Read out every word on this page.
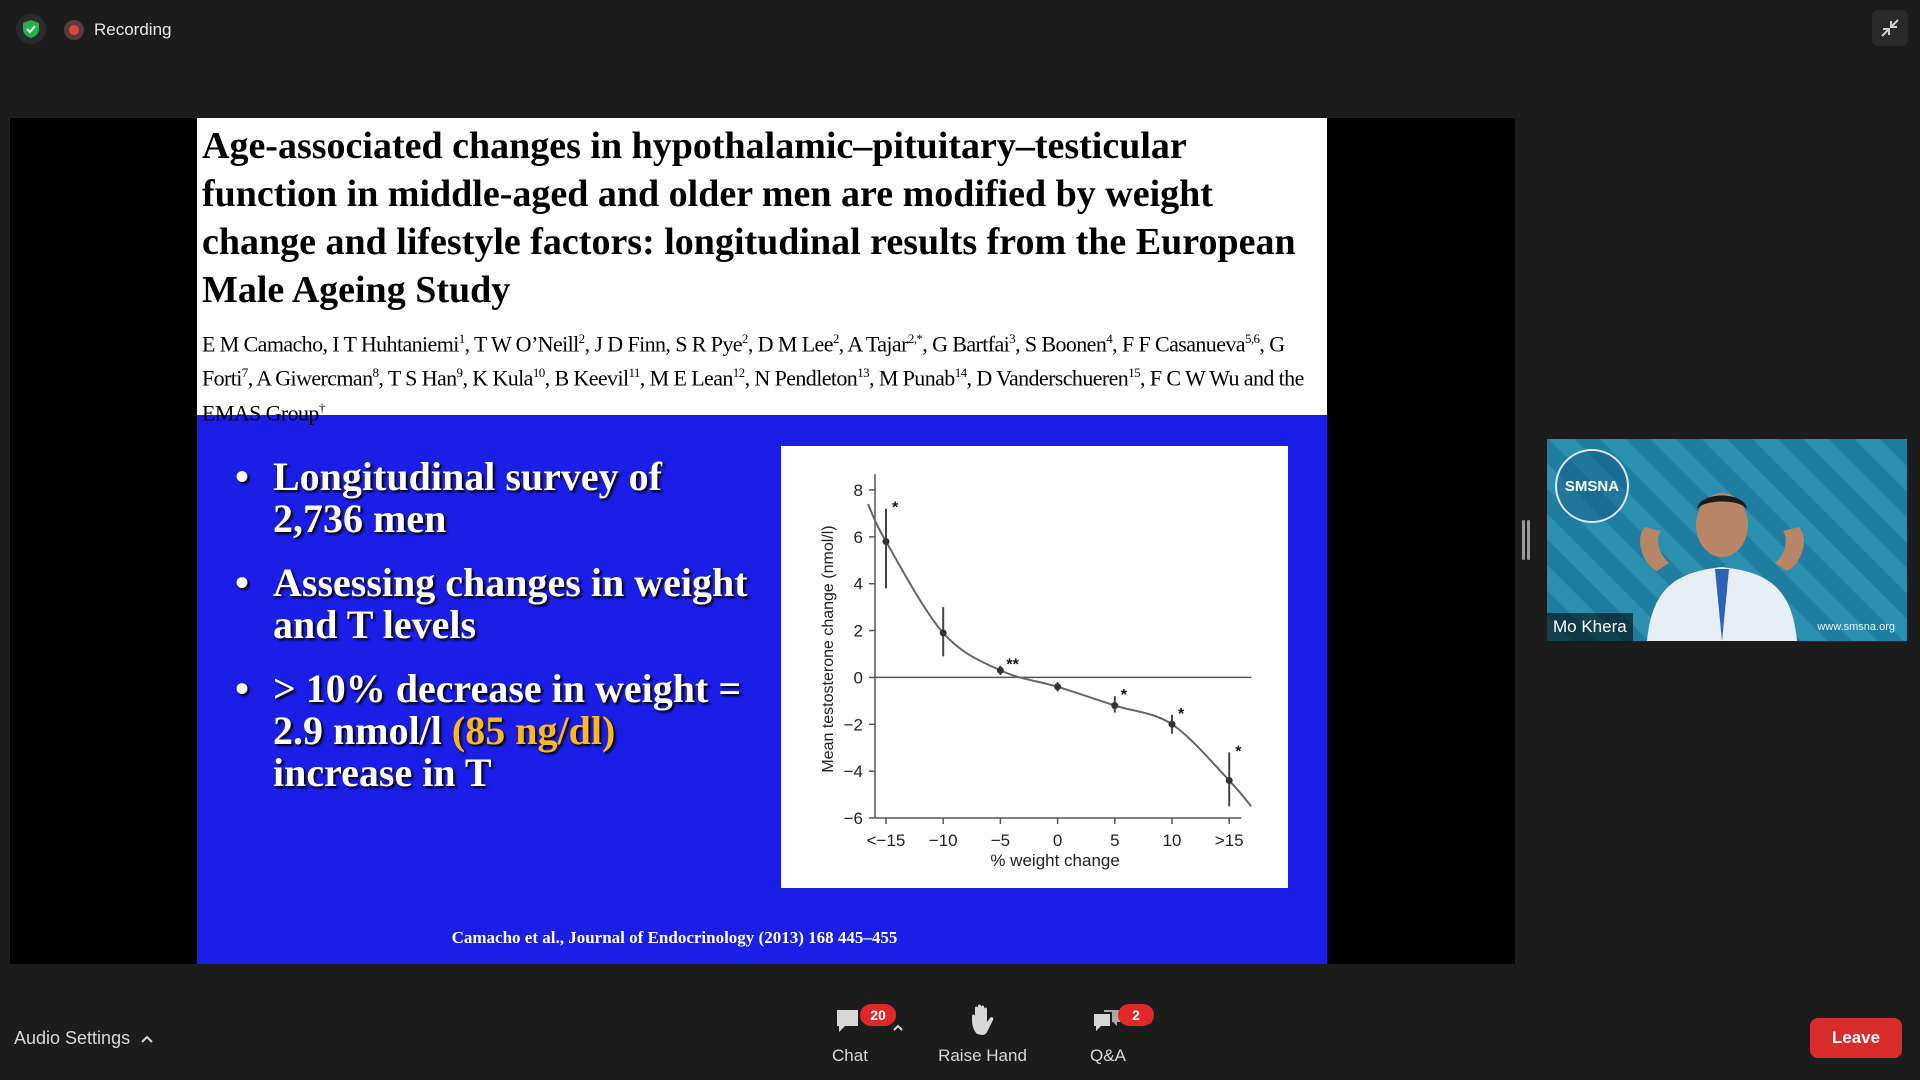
Recording
Age-associated changes in hypothalamic–pituitary–testicular function in middle-aged and older men are modified by weight change and lifestyle factors: longitudinal results from the European Male Ageing Study
E M Camacho, I T Huhtaniemi$^1$, T W O’Neill$^2$, J D Finn, S R Pye$^2$, D M Lee$^2$, A Tajar$^{2,*}$, G Bartfai$^3$, S Boonen$^4$, F F Casanueva$^{5,6}$, G Forti$^7$, A Giwercman$^8$, T S Han$^9$, K Kula$^{10}$, B Keevil$^{11}$, M E Lean$^{12}$, N Pendleton$^{13}$, M Punab$^{14}$, D Vanderschueren$^{15}$, F C W Wu and the EMAS Group†
• Longitudinal survey of 2,736 men
• Assessing changes in weight and T levels
• > 10% decrease in weight = 2.9 nmol/l (85 ng/dl) increase in T
8
6
4
2
0
−2
−4
−6
<−15 −10 −5	0	5	10 >15
% weight change
Mean testosterone change (nmol/l)
*
**
*
*
*
Camacho et al., Journal of Endocrinology (2013) 168 445–455
SMSNA
www.smsna.org
Mo Khera
Audio Settings
20
Chat	Raise Hand
2
Q&A
Leave
